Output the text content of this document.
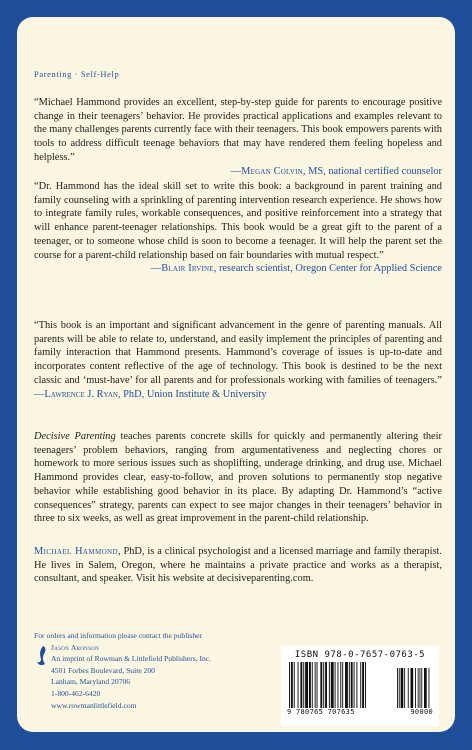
Parenting · Self-Help
“Michael Hammond provides an excellent, step-by-step guide for parents to encourage positive change in their teenagers’ behavior. He provides practical applications and examples relevant to the many challenges parents currently face with their teenagers. This book empowers parents with tools to address difficult teenage behaviors that may have rendered them feeling hopeless and helpless.”
—Megan Colvin, MS, national certified counselor
“Dr. Hammond has the ideal skill set to write this book: a background in parent training and family counseling with a sprinkling of parenting intervention research experience. He shows how to integrate family rules, workable consequences, and positive reinforcement into a strategy that will enhance parent-teenager relationships. This book would be a great gift to the parent of a teenager, or to someone whose child is soon to become a teenager. It will help the parent set the course for a parent-child relationship based on fair boundaries with mutual respect.”
—Blair Irvine, research scientist, Oregon Center for Applied Science
“This book is an important and significant advancement in the genre of parenting manuals. All parents will be able to relate to, understand, and easily implement the principles of parenting and family interaction that Hammond presents. Hammond’s coverage of issues is up-to-date and incorporates content reflective of the age of technology. This book is destined to be the next classic and ‘must-have’ for all parents and for professionals working with families of teenagers.” —Lawrence J. Ryan, PhD, Union Institute & University
Decisive Parenting teaches parents concrete skills for quickly and permanently altering their teenagers’ problem behaviors, ranging from argumentativeness and neglecting chores or homework to more serious issues such as shoplifting, underage drinking, and drug use. Michael Hammond provides clear, easy-to-follow, and proven solutions to permanently stop negative behavior while establishing good behavior in its place. By adapting Dr. Hammond’s “active consequences” strategy, parents can expect to see major changes in their teenagers’ behavior in three to six weeks, as well as great improvement in the parent-child relationship.
Michael Hammond, PhD, is a clinical psychologist and a licensed marriage and family therapist. He lives in Salem, Oregon, where he maintains a private practice and works as a therapist, consultant, and speaker. Visit his website at decisiveparenting.com.
For orders and information please contact the publisher
Jason Aronson
An imprint of Rowman & Littlefield Publishers, Inc.
4501 Forbes Boulevard, Suite 200
Lanham, Maryland 20706
1-800-462-6420
www.rowmanlittlefield.com
ISBN 978-0-7657-0763-5
9 780765 707635	90000
